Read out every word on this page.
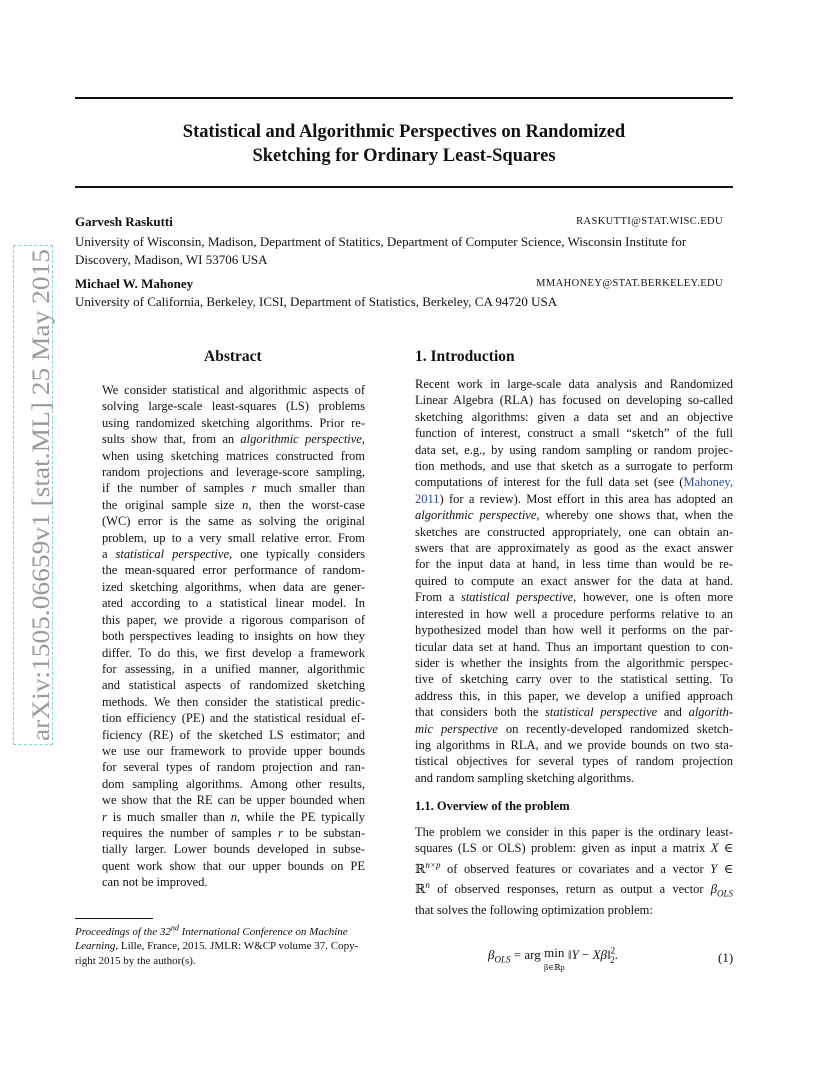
Statistical and Algorithmic Perspectives on Randomized
Sketching for Ordinary Least-Squares
Garvesh Raskutti	RASKUTTI@STAT.WISC.EDU
University of Wisconsin, Madison, Department of Statitics, Department of Computer Science, Wisconsin Institute for
Discovery, Madison, WI 53706 USA
Michael W. Mahoney	MMAHONEY@STAT.BERKELEY.EDU
University of California, Berkeley, ICSI, Department of Statistics, Berkeley, CA 94720 USA
arXiv:1505.06659v1 [stat.ML] 25 May 2015	Abstract
We consider statistical and algorithmic aspects of
solving large-scale least-squares (LS) problems
using randomized sketching algorithms. Prior re-
sults show that, from an algorithmic perspective,
when using sketching matrices constructed from
random projections and leverage-score sampling,
if the number of samples r much smaller than
the original sample size n, then the worst-case
(WC) error is the same as solving the original
problem, up to a very small relative error. From
a statistical perspective, one typically considers
the mean-squared error performance of random-
ized sketching algorithms, when data are gener-
ated according to a statistical linear model. In
this paper, we provide a rigorous comparison of
both perspectives leading to insights on how they
differ. To do this, we first develop a framework
for assessing, in a unified manner, algorithmic
and statistical aspects of randomized sketching
methods. We then consider the statistical predic-
tion efficiency (PE) and the statistical residual ef-
ficiency (RE) of the sketched LS estimator; and
we use our framework to provide upper bounds
for several types of random projection and ran-
dom sampling algorithms. Among other results,
we show that the RE can be upper bounded when
r is much smaller than n, while the PE typically
requires the number of samples r to be substan-
tially larger. Lower bounds developed in subse-
quent work show that our upper bounds on PE
can not be improved.
Proceedings of the 32nd International Conference on Machine
Learning, Lille, France, 2015. JMLR: W&CP volume 37. Copy-
right 2015 by the author(s).
1. Introduction
Recent work in large-scale data analysis and Randomized
Linear Algebra (RLA) has focused on developing so-called
sketching algorithms: given a data set and an objective
function of interest, construct a small “sketch” of the full
data set, e.g., by using random sampling or random projec-
tion methods, and use that sketch as a surrogate to perform
computations of interest for the full data set (see (Mahoney,
2011) for a review). Most effort in this area has adopted an
algorithmic perspective, whereby one shows that, when the
sketches are constructed appropriately, one can obtain an-
swers that are approximately as good as the exact answer
for the input data at hand, in less time than would be re-
quired to compute an exact answer for the data at hand.
From a statistical perspective, however, one is often more
interested in how well a procedure performs relative to an
hypothesized model than how well it performs on the par-
ticular data set at hand. Thus an important question to con-
sider is whether the insights from the algorithmic perspec-
tive of sketching carry over to the statistical setting. To
address this, in this paper, we develop a unified approach
that considers both the statistical perspective and algorith-
mic perspective on recently-developed randomized sketch-
ing algorithms in RLA, and we provide bounds on two sta-
tistical objectives for several types of random projection
and random sampling sketching algorithms.
1.1. Overview of the problem
The problem we consider in this paper is the ordinary least-
squares (LS or OLS) problem: given as input a matrix X ∈
ℝ$^{n\times p}$ of observed features or covariates and a vector Y ∈
ℝ$^n$ of observed responses, return as output a vector $\beta_{OLS}$
that solves the following optimization problem:
$\beta_{OLS}$ = arg min
β∈ℝp ‖Y − Xβ‖$^2_2$.	(1)
